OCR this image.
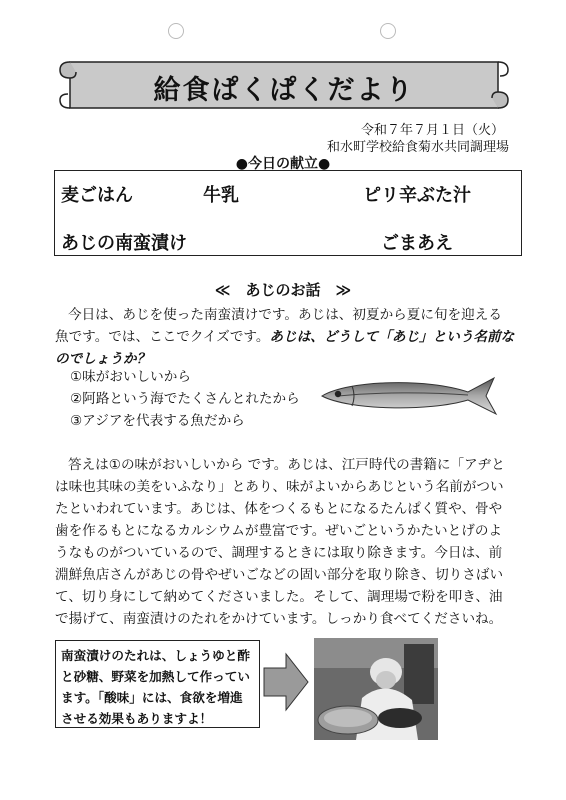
給食ぱくぱくだより
令和７年７月１日（火）
和水町学校給食菊水共同調理場
●今日の献立●
麦ごはん	牛乳	ピリ辛ぶた汁
あじの南蛮漬け	ごまあえ
≪　あじのお話　≫
今日は、あじを使った南蛮漬けです。あじは、初夏から夏に旬を迎える魚です。では、ここでクイズです。あじは、どうして「あじ」という名前なのでしょうか？
①味がおいしいから
②阿路という海でたくさんとれたから
③アジアを代表する魚だから
答えは①の味がおいしいから です。あじは、江戸時代の書籍に「アヂとは味也其味の美をいふなり」とあり、味がよいからあじという名前がついたといわれています。あじは、体をつくるもとになるたんぱく質や、骨や歯を作るもとになるカルシウムが豊富です。ぜいごというかたいとげのようなものがついているので、調理するときには取り除きます。今日は、前淵鮮魚店さんがあじの骨やぜいごなどの固い部分を取り除き、切りさばいて、切り身にして納めてくださいました。そして、調理場で粉を叩き、油で揚げて、南蛮漬けのたれをかけています。しっかり食べてくださいね。
南蛮漬けのたれは、しょうゆと酢と砂糖、野菜を加熱して作っています。「酸味」には、食欲を増進させる効果もありますよ！
